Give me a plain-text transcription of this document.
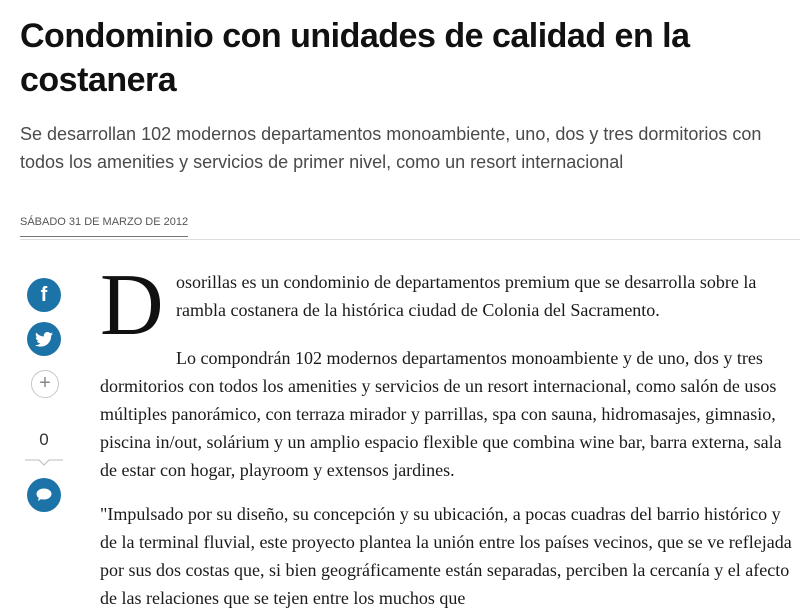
Condominio con unidades de calidad en la costanera

Se desarrollan 102 modernos departamentos monoambiente, uno, dos y tres dormitorios con todos los amenities y servicios de primer nivel, como un resort internacional

SÁBADO 31 DE MARZO DE 2012
f
+
0
D osorillas es un condominio de departamentos premium que se desarrolla sobre la rambla costanera de la histórica ciudad de Colonia del Sacramento.

Lo compondrán 102 modernos departamentos monoambiente y de uno, dos y tres dormitorios con todos los amenities y servicios de un resort internacional, como salón de usos múltiples panorámico, con terraza mirador y parrillas, spa con sauna, hidromasajes, gimnasio, piscina in/out, solárium y un amplio espacio flexible que combina wine bar, barra externa, sala de estar con hogar, playroom y extensos jardines.

"Impulsado por su diseño, su concepción y su ubicación, a pocas cuadras del barrio histórico y de la terminal fluvial, este proyecto plantea la unión entre los países vecinos, que se ve reflejada por sus dos costas que, si bien geográficamente están separadas, perciben la cercanía y el afecto de las relaciones que se tejen entre los muchos que
